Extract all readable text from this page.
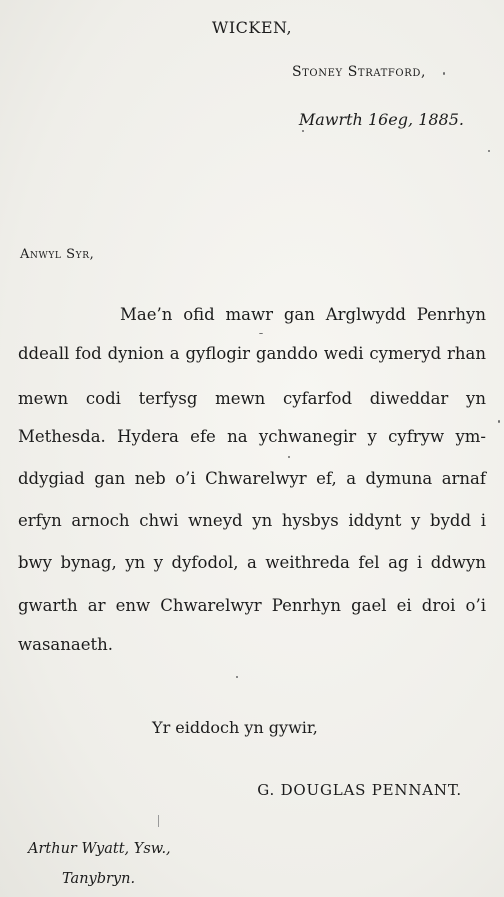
WICKEN,
Stoney Stratford,
Mawrth 16eg, 1885.
Anwyl Syr,
Mae’n ofid mawr gan Arglwydd Penrhyn
ddeall fod dynion a gyflogir ganddo wedi cymeryd rhan
mewn codi terfysg mewn cyfarfod diweddar yn
Methesda. Hydera efe na ychwanegir y cyfryw ym-
ddygiad gan neb o’i Chwarelwyr ef, a dymuna arnaf
erfyn arnoch chwi wneyd yn hysbys iddynt y bydd i
bwy bynag, yn y dyfodol, a weithreda fel ag i ddwyn
gwarth ar enw Chwarelwyr Penrhyn gael ei droi o’i
wasanaeth.
Yr eiddoch yn gywir,
G. DOUGLAS PENNANT.
Arthur Wyatt, Ysw.,
Tanybryn.
